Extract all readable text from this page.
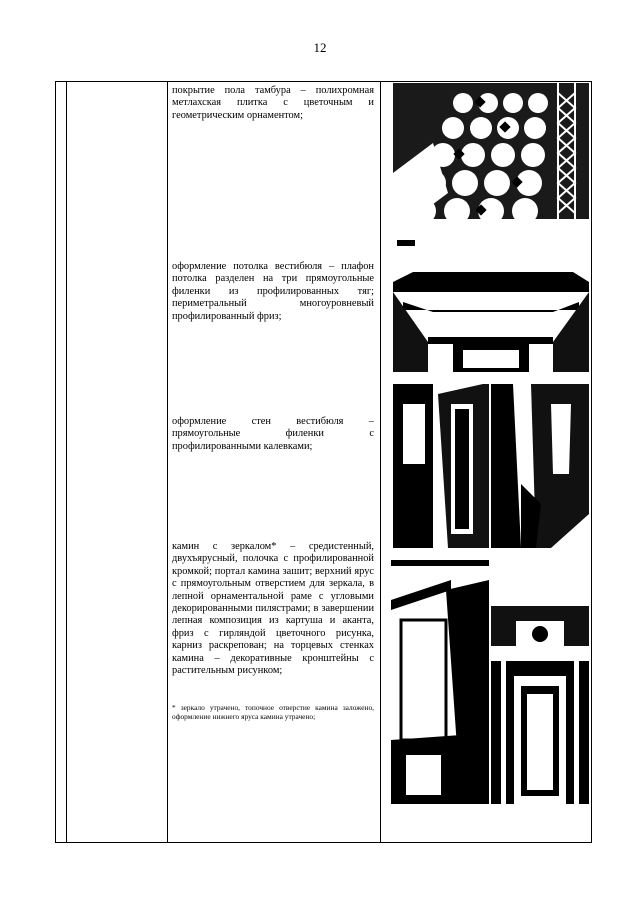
12
покрытие пола тамбура – полихромная метлахская плитка с цветочным и геометрическим орнаментом;
оформление потолка вестибюля – плафон потолка разделен на три прямоугольные филенки из профилированных тяг; периметральный многоуровневый профилированный фриз;
оформление стен вестибюля – прямоугольные филенки с профилированными калевками;
камин с зеркалом* – средистенный, двухъярусный, полочка с профилированной кромкой; портал камина зашит; верхний ярус с прямоугольным отверстием для зеркала, в лепной орнаментальной раме с угловыми декорированными пилястрами; в завершении лепная композиция из картуша и аканта, фриз с гирляндой цветочного рисунка, карниз раскрепован; на торцевых стенках камина – декоративные кронштейны с растительным рисунком;
* зеркало утрачено, топочное отверстие камина заложено, оформление нижнего яруса камина утрачено;
